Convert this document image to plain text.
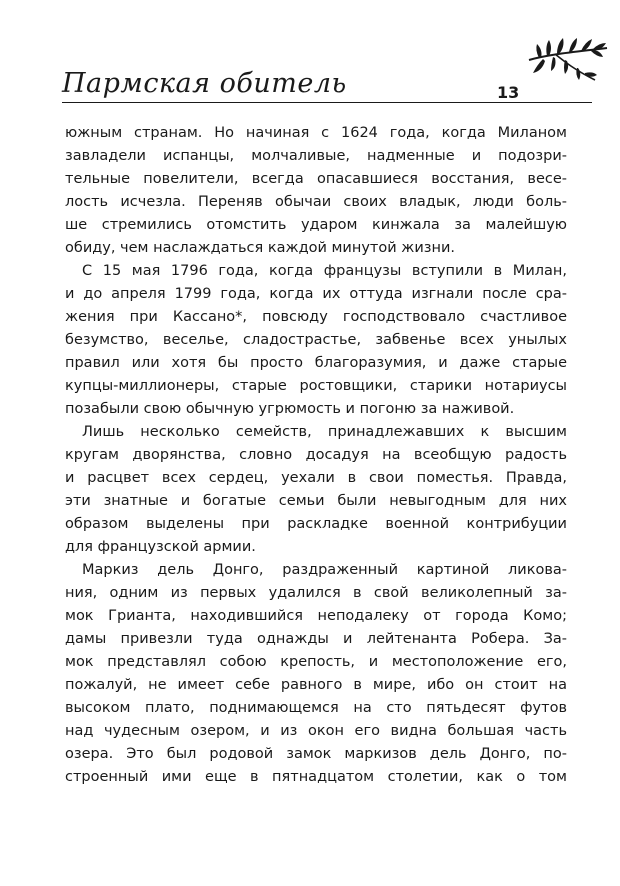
Пармская обитель	13
южным странам. Но начиная с 1624 года, когда Миланом
завладели испанцы, молчаливые, надменные и подозри-
тельные повелители, всегда опасавшиеся восстания, весе-
лость исчезла. Переняв обычаи своих владык, люди боль-
ше стремились отомстить ударом кинжала за малейшую
обиду, чем наслаждаться каждой минутой жизни.
С 15 мая 1796 года, когда французы вступили в Милан,
и до апреля 1799 года, когда их оттуда изгнали после сра-
жения при Кассано*, повсюду господствовало счастливое
безумство, веселье, сладострастье, забвенье всех унылых
правил или хотя бы просто благоразумия, и даже старые
купцы-миллионеры, старые ростовщики, старики нотариусы
позабыли свою обычную угрюмость и погоню за наживой.
Лишь несколько семейств, принадлежавших к высшим
кругам дворянства, словно досадуя на всеобщую радость
и расцвет всех сердец, уехали в свои поместья. Правда,
эти знатные и богатые семьи были невыгодным для них
образом выделены при раскладке военной контрибуции
для французской армии.
Маркиз дель Донго, раздраженный картиной ликова-
ния, одним из первых удалился в свой великолепный за-
мок Грианта, находившийся неподалеку от города Комо;
дамы привезли туда однажды и лейтенанта Робера. За-
мок представлял собою крепость, и местоположение его,
пожалуй, не имеет себе равного в мире, ибо он стоит на
высоком плато, поднимающемся на сто пятьдесят футов
над чудесным озером, и из окон его видна большая часть
озера. Это был родовой замок маркизов дель Донго, по-
строенный ими еще в пятнадцатом столетии, как о том
